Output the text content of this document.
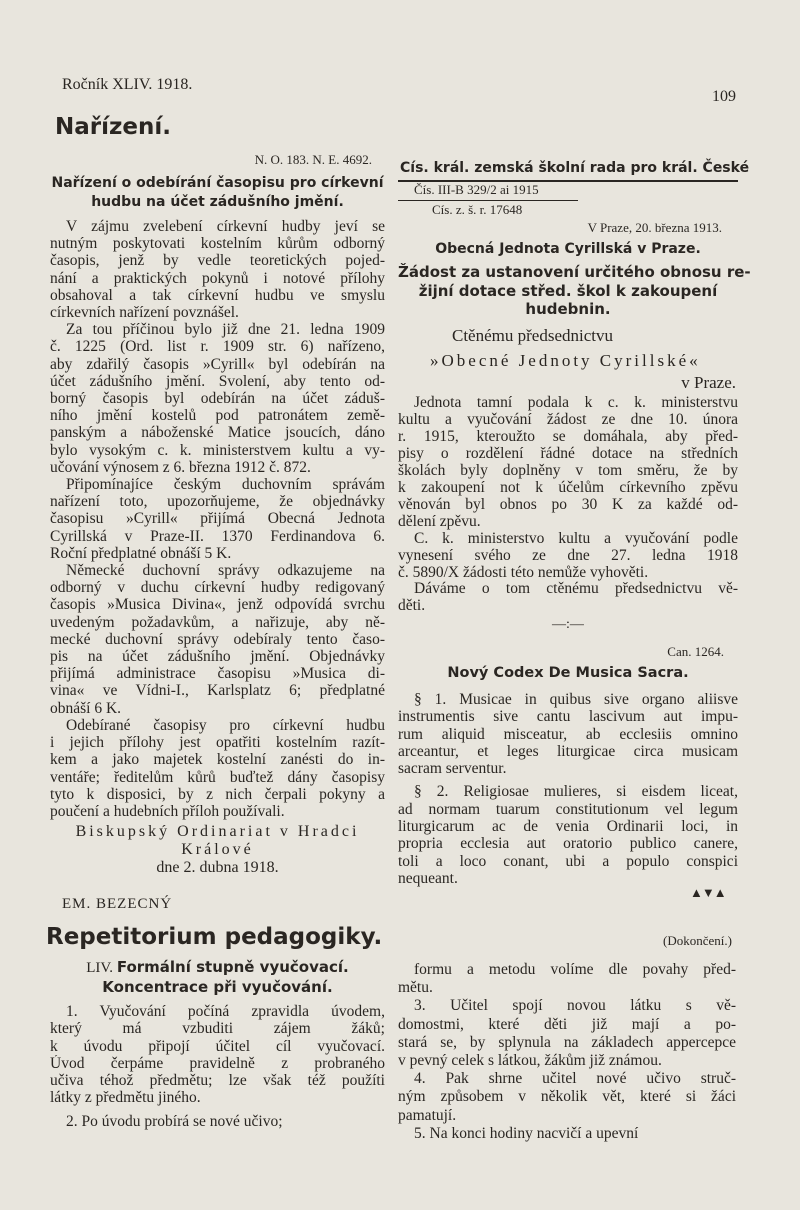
Ročník XLIV. 1918.
109
Nařízení.
N. O. 183. N. E. 4692.
Nařízení o odebírání časopisu pro církevní
hudbu na účet zádušního jmění.
V zájmu zvelebení církevní hudby jeví se
nutným poskytovati kostelním kůrům odborný
časopis, jenž by vedle teoretických pojed-
nání a praktických pokynů i notové přílohy
obsahoval a tak církevní hudbu ve smyslu
církevních nařízení povznášel.
Za tou příčinou bylo již dne 21. ledna 1909
č. 1225 (Ord. list r. 1909 str. 6) nařízeno,
aby zdařilý časopis »Cyrill« byl odebírán na
účet zádušního jmění. Svolení, aby tento od-
borný časopis byl odebírán na účet záduš-
ního jmění kostelů pod patronátem země-
panským a náboženské Matice jsoucích, dáno
bylo vysokým c. k. ministerstvem kultu a vy-
učování výnosem z 6. března 1912 č. 872.
Připomínajíce českým duchovním správám
nařízení toto, upozorňujeme, že objednávky
časopisu »Cyrill« přijímá Obecná Jednota
Cyrillská v Praze-II. 1370 Ferdinandova 6.
Roční předplatné obnáší 5 K.
Německé duchovní správy odkazujeme na
odborný v duchu církevní hudby redigovaný
časopis »Musica Divina«, jenž odpovídá svrchu
uvedeným požadavkům, a nařizuje, aby ně-
mecké duchovní správy odebíraly tento časo-
pis na účet zádušního jmění. Objednávky
přijímá administrace časopisu »Musica di-
vina« ve Vídni-I., Karlsplatz 6; předplatné
obnáší 6 K.
Odebírané časopisy pro církevní hudbu
i jejich přílohy jest opatřiti kostelním razít-
kem a jako majetek kostelní zanésti do in-
ventáře; ředitelům kůrů buďtež dány časopisy
tyto k disposici, by z nich čerpali pokyny a
poučení a hudebních příloh používali.
Biskupský Ordinariat v Hradci
Králové
dne 2. dubna 1918.
EM. BEZECNÝ
Repetitorium pedagogiky.
LIV. Formální stupně vyučovací.
Koncentrace při vyučování.
1. Vyučování počíná zpravidla úvodem,
který má vzbuditi zájem žáků;
k úvodu připojí účitel cíl vyučovací.
Úvod čerpáme pravidelně z probraného
učiva téhož předmětu; lze však též použíti
látky z předmětu jiného.
2. Po úvodu probírá se nové učivo;
Cís. král. zemská školní rada pro král. České
Čís. III-B 329/2 ai 1915
Cís. z. š. r. 17648
V Praze, 20. března 1913.
Obecná Jednota Cyrillská v Praze.
Žádost za ustanovení určitého obnosu re-
žijní dotace střed. škol k zakoupení
hudebnin.
Ctěnému předsednictvu
»Obecné Jednoty Cyrillské«
v Praze.
Jednota tamní podala k c. k. ministerstvu
kultu a vyučování žádost ze dne 10. února
r. 1915, kteroužto se domáhala, aby před-
pisy o rozdělení řádné dotace na středních
školách byly doplněny v tom směru, že by
k zakoupení not k účelům církevního zpěvu
věnován byl obnos po 30 K za každé od-
dělení zpěvu.
C. k. ministerstvo kultu a vyučování podle
vynesení svého ze dne 27. ledna 1918
č. 5890/X žádosti této nemůže vyhověti.
Dáváme o tom ctěnému předsednictvu vě-
děti.
—:—
Can. 1264.
Nový Codex De Musica Sacra.
§ 1. Musicae in quibus sive organo aliisve
instrumentis sive cantu lascivum aut impu-
rum aliquid misceatur, ab ecclesiis omnino
arceantur, et leges liturgicae circa musicam
sacram serventur.
§ 2. Religiosae mulieres, si eisdem liceat,
ad normam tuarum constitutionum vel legum
liturgicarum ac de venia Ordinarii loci, in
propria ecclesia aut oratorio publico canere,
toli a loco conant, ubi a populo conspici
nequeant.
▲▼▲
(Dokončení.)
formu a metodu volíme dle povahy před-
mětu.
3. Učitel spojí novou látku s vě-
domostmi, které děti již mají a po-
stará se, by splynula na základech appercepce
v pevný celek s látkou, žákům již známou.
4. Pak shrne učitel nové učivo struč-
ným způsobem v několik vět, které si žáci
pamatují.
5. Na konci hodiny nacvičí a upevní
